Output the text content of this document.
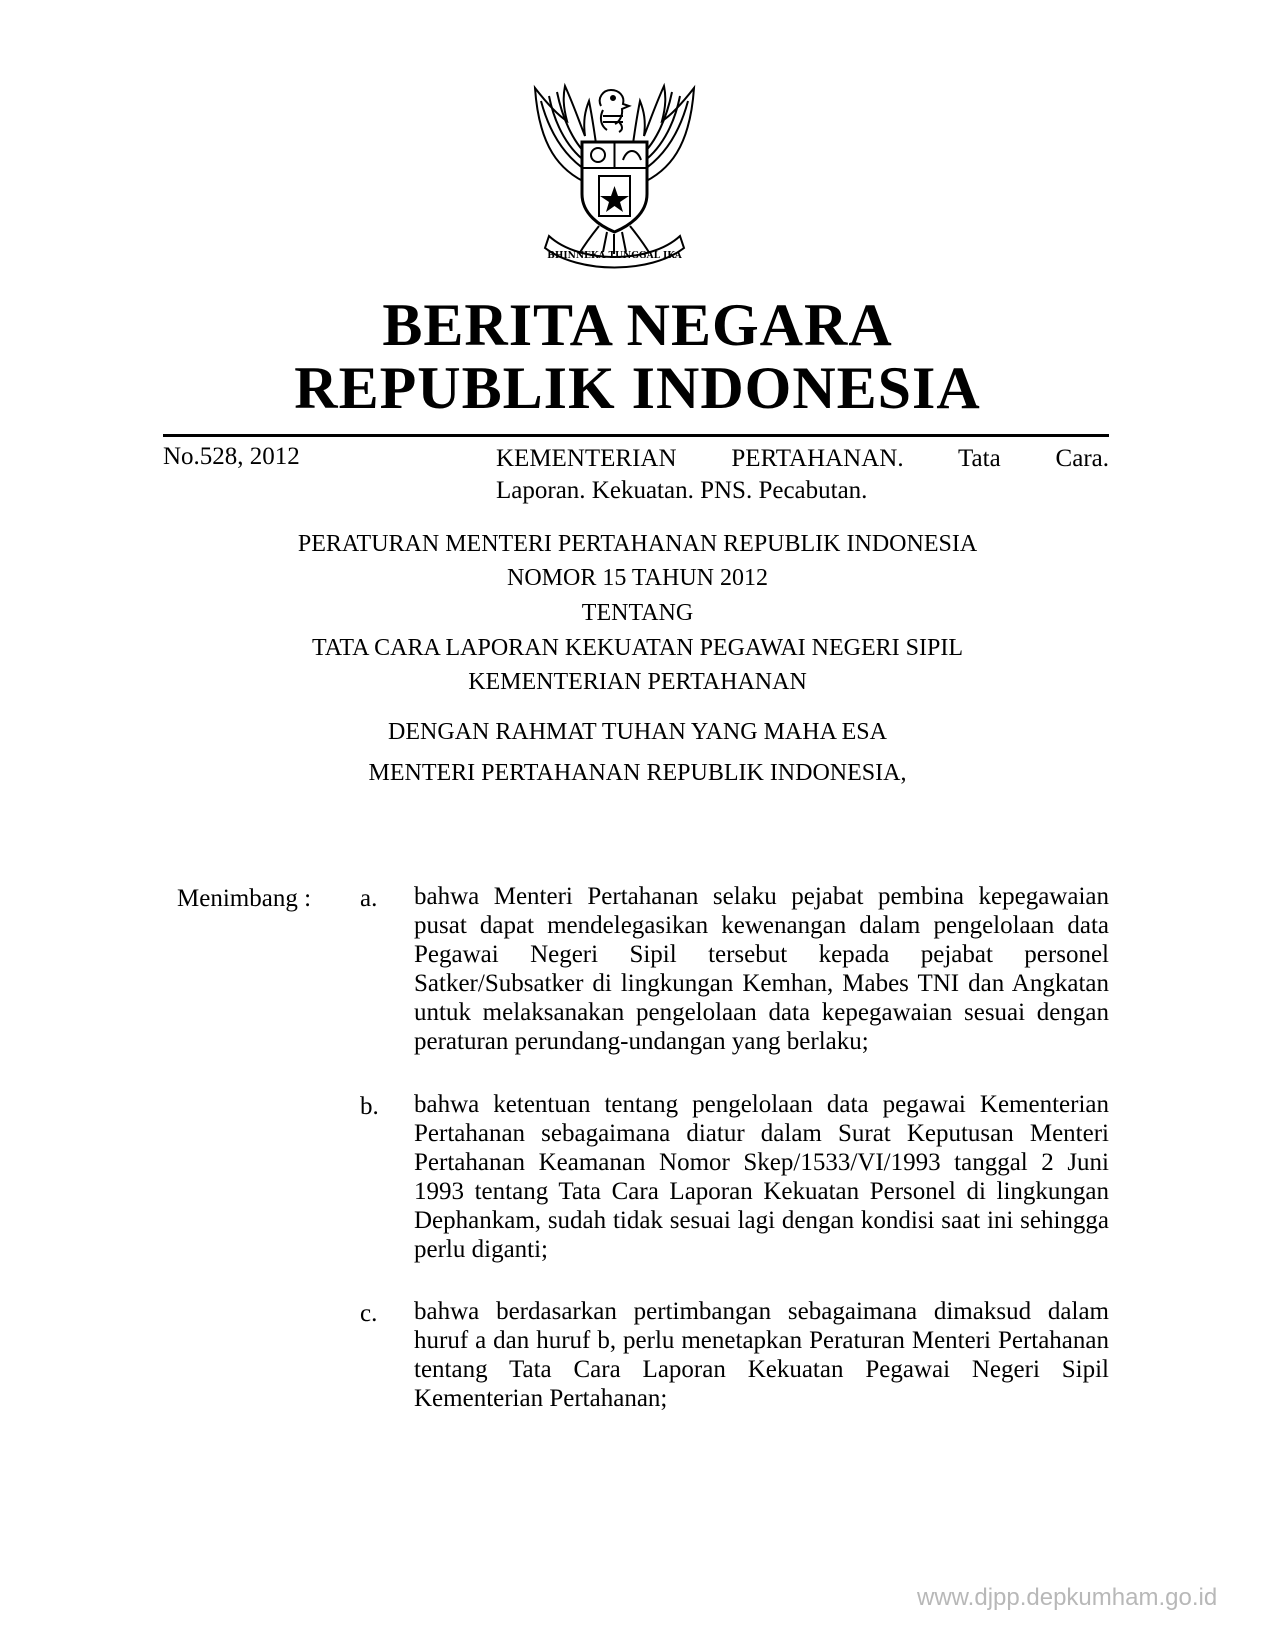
BHINNEKA TUNGGAL IKA
BERITA NEGARA
REPUBLIK INDONESIA
No.528, 2012	KEMENTERIAN PERTAHANAN. Tata Cara.
Laporan. Kekuatan. PNS. Pecabutan.
PERATURAN MENTERI PERTAHANAN REPUBLIK INDONESIA
NOMOR 15 TAHUN 2012
TENTANG
TATA CARA LAPORAN KEKUATAN PEGAWAI NEGERI SIPIL
KEMENTERIAN PERTAHANAN
DENGAN RAHMAT TUHAN YANG MAHA ESA
MENTERI PERTAHANAN REPUBLIK INDONESIA,
Menimbang : a. bahwa Menteri Pertahanan selaku pejabat pembina kepegawaian pusat dapat mendelegasikan kewenangan dalam pengelolaan data Pegawai Negeri Sipil tersebut kepada pejabat personel Satker/Subsatker di lingkungan Kemhan, Mabes TNI dan Angkatan untuk melaksanakan pengelolaan data kepegawaian sesuai dengan peraturan perundang-undangan yang berlaku;
b. bahwa ketentuan tentang pengelolaan data pegawai Kementerian Pertahanan sebagaimana diatur dalam Surat Keputusan Menteri Pertahanan Keamanan Nomor Skep/1533/VI/1993 tanggal 2 Juni 1993 tentang Tata Cara Laporan Kekuatan Personel di lingkungan Dephankam, sudah tidak sesuai lagi dengan kondisi saat ini sehingga perlu diganti;
c. bahwa berdasarkan pertimbangan sebagaimana dimaksud dalam huruf a dan huruf b, perlu menetapkan Peraturan Menteri Pertahanan tentang Tata Cara Laporan Kekuatan Pegawai Negeri Sipil Kementerian Pertahanan;
www.djpp.depkumham.go.id
